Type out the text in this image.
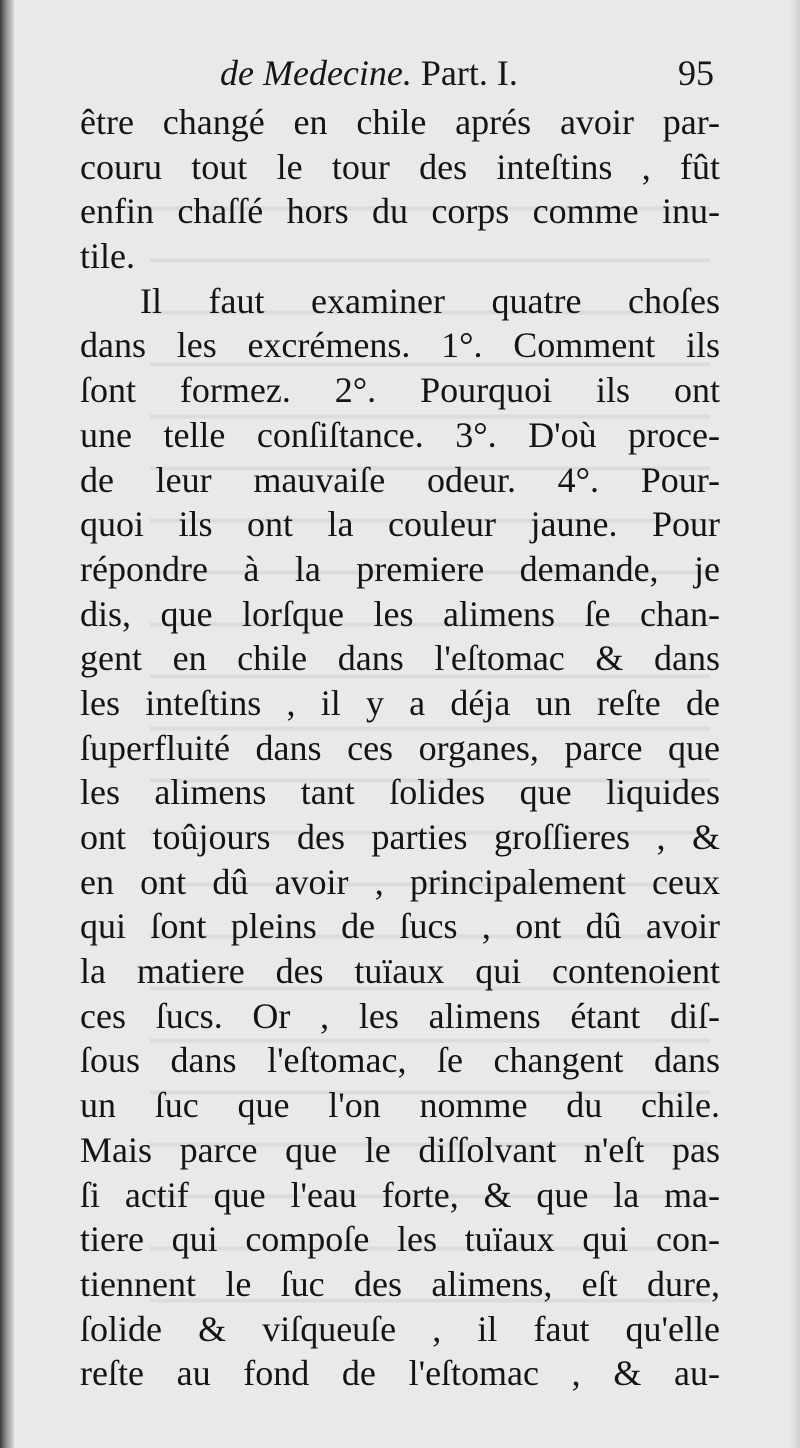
de Medecine. Part. I.	95
être changé en chile aprés avoir par-
couru tout le tour des inteſtins , fût
enfin chaſſé hors du corps comme inu-
tile.
Il faut examiner quatre choſes
dans les excrémens. 1°. Comment ils
ſont formez. 2°. Pourquoi ils ont
une telle conſiſtance. 3°. D'où proce-
de leur mauvaiſe odeur. 4°. Pour-
quoi ils ont la couleur jaune. Pour
répondre à la premiere demande, je
dis, que lorſque les alimens ſe chan-
gent en chile dans l'eſtomac & dans
les inteſtins , il y a déja un reſte de
ſuperfluité dans ces organes, parce que
les alimens tant ſolides que liquides
ont toûjours des parties groſſieres , &
en ont dû avoir , principalement ceux
qui ſont pleins de ſucs , ont dû avoir
la matiere des tuïaux qui contenoient
ces ſucs. Or , les alimens étant diſ-
ſous dans l'eſtomac, ſe changent dans
un ſuc que l'on nomme du chile.
Mais parce que le diſſolvant n'eſt pas
ſi actif que l'eau forte, & que la ma-
tiere qui compoſe les tuïaux qui con-
tiennent le ſuc des alimens, eſt dure,
ſolide & viſqueuſe , il faut qu'elle
reſte au fond de l'eſtomac , & au-
